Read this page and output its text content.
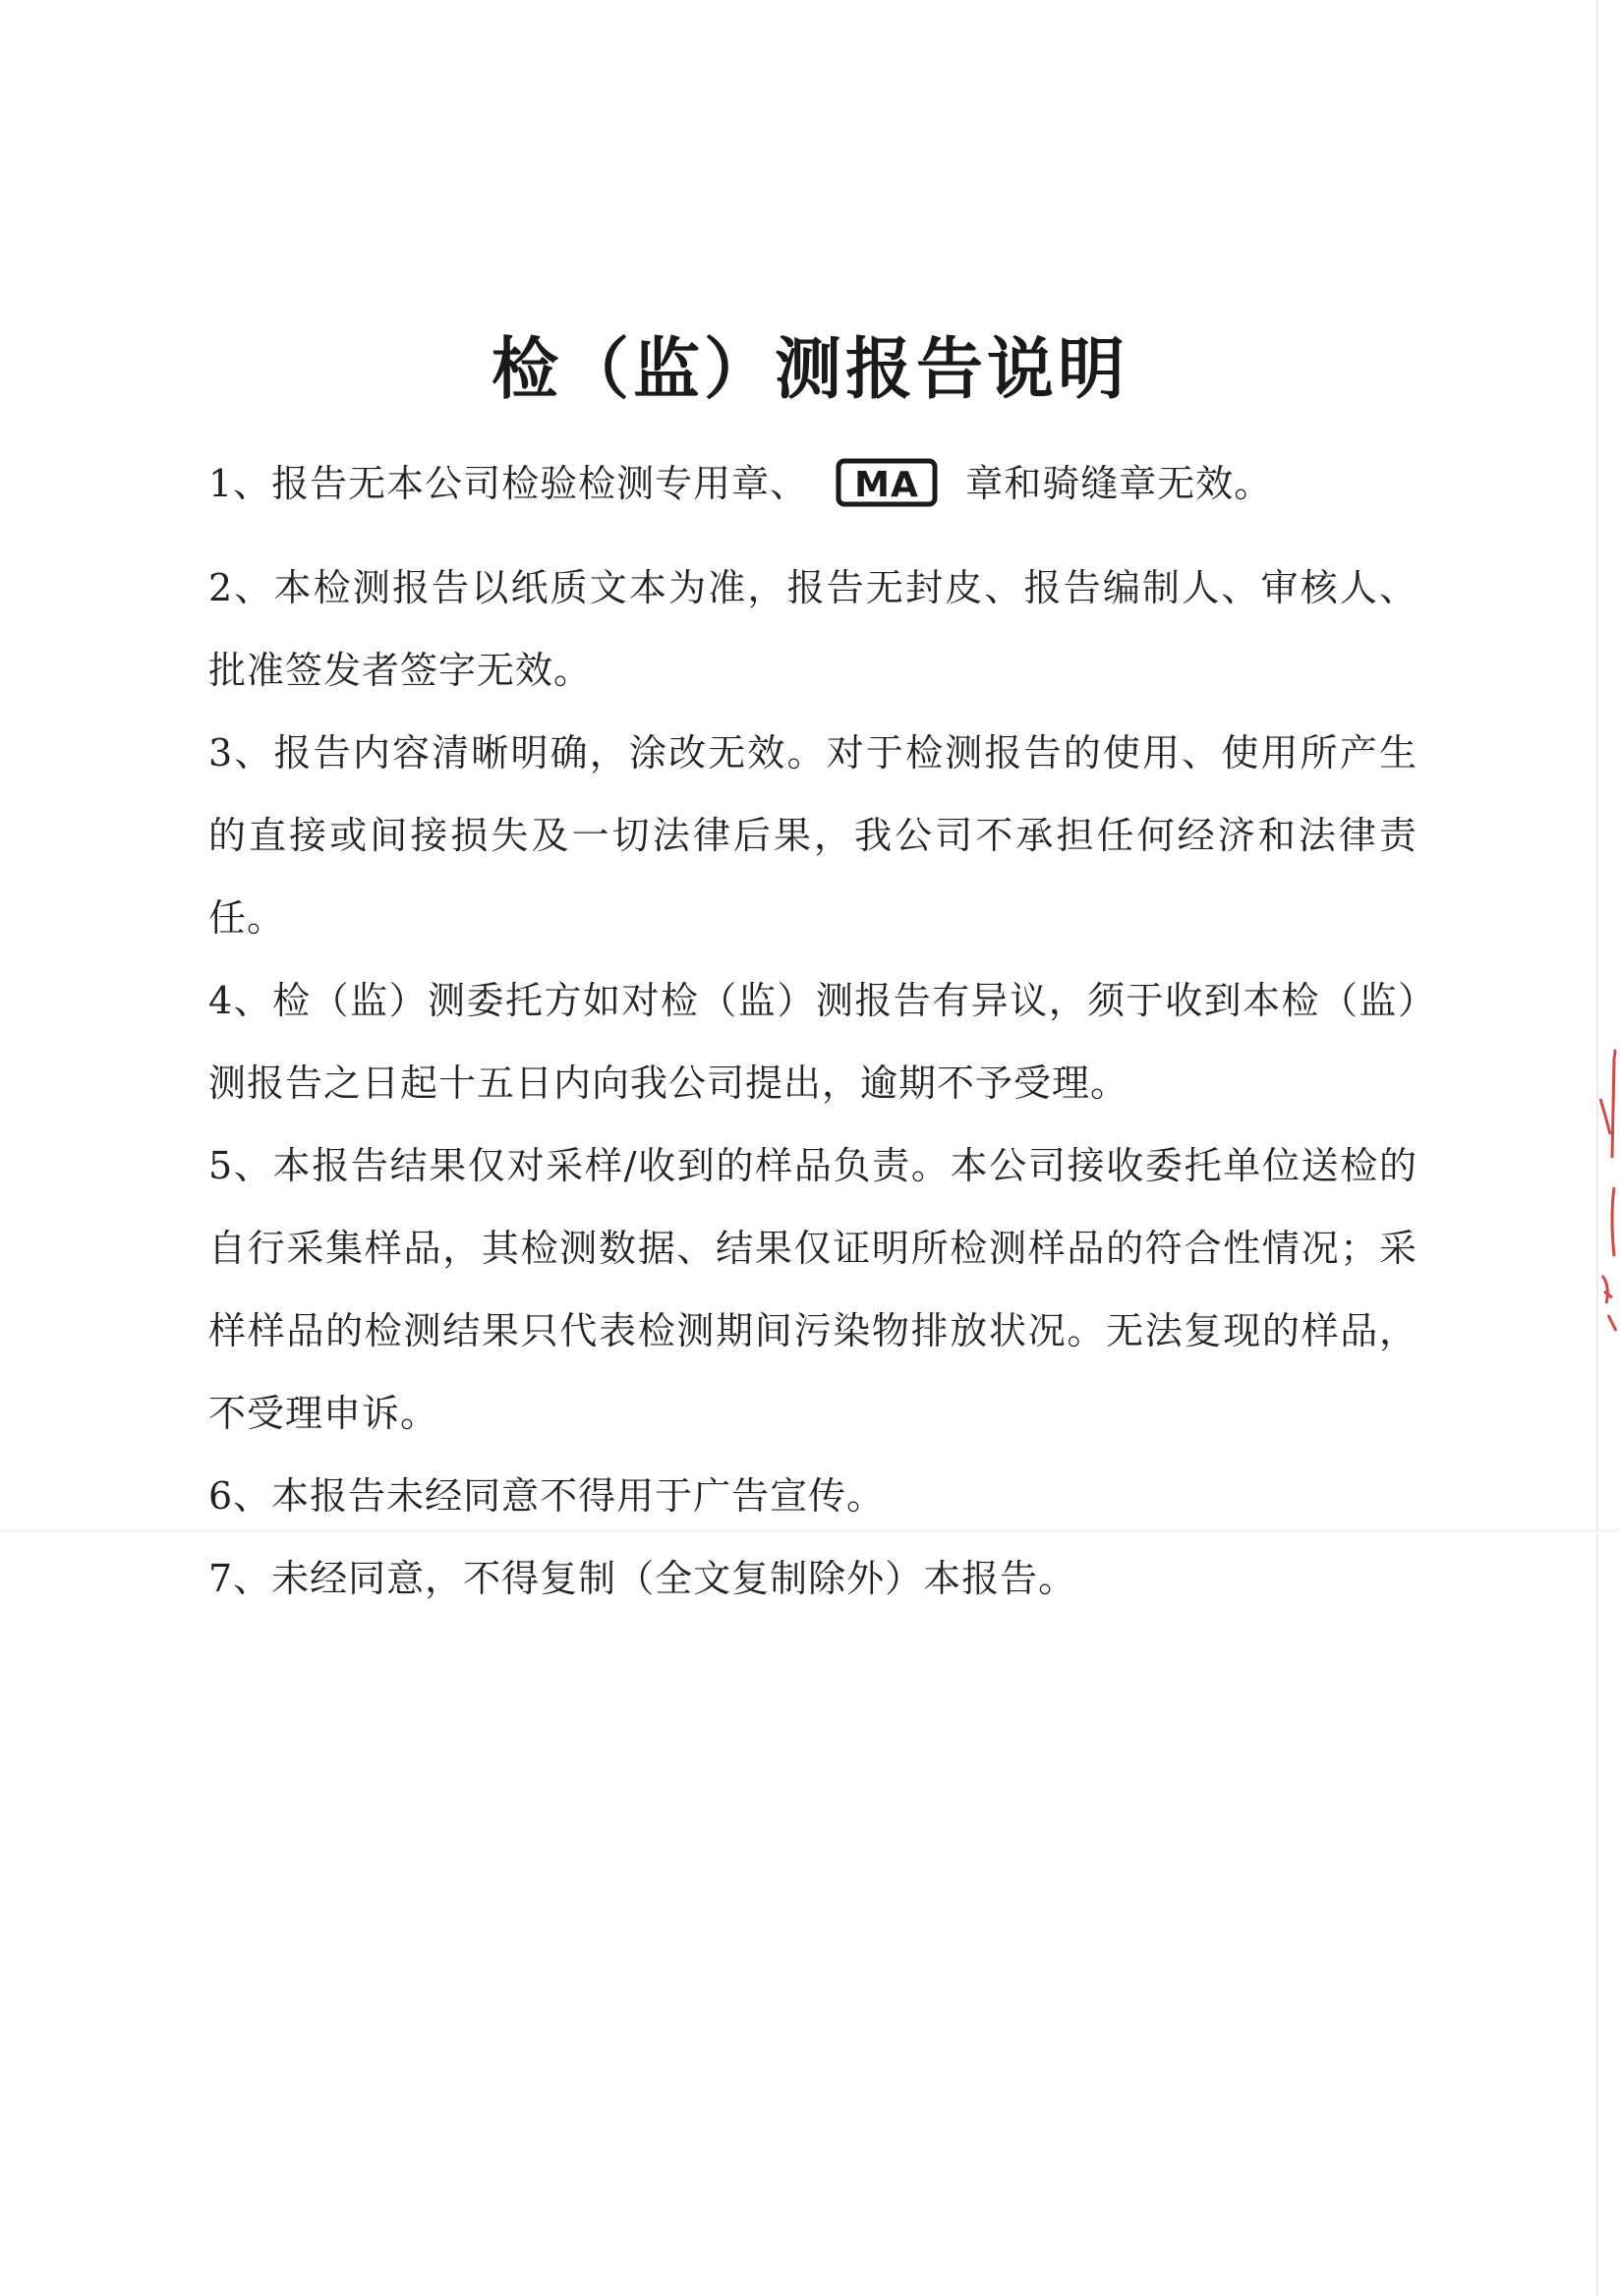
检（监）测报告说明

1、报告无本公司检验检测专用章、 MA 章和骑缝章无效。

2、本检测报告以纸质文本为准，报告无封皮、报告编制人、审核人、批准签发者签字无效。

3、报告内容清晰明确，涂改无效。对于检测报告的使用、使用所产生的直接或间接损失及一切法律后果，我公司不承担任何经济和法律责任。

4、检（监）测委托方如对检（监）测报告有异议，须于收到本检（监）测报告之日起十五日内向我公司提出，逾期不予受理。

5、本报告结果仅对采样/收到的样品负责。本公司接收委托单位送检的自行采集样品，其检测数据、结果仅证明所检测样品的符合性情况；采样样品的检测结果只代表检测期间污染物排放状况。无法复现的样品，不受理申诉。

6、本报告未经同意不得用于广告宣传。

7、未经同意，不得复制（全文复制除外）本报告。
